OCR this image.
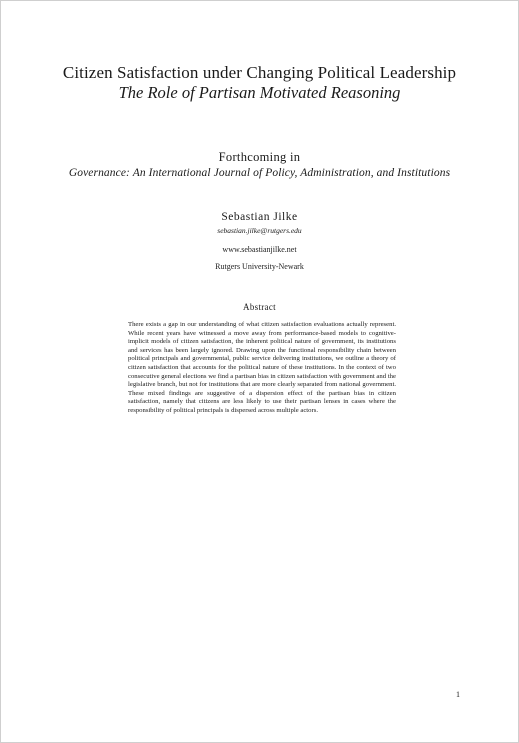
Citizen Satisfaction under Changing Political Leadership
The Role of Partisan Motivated Reasoning
Forthcoming in
Governance: An International Journal of Policy, Administration, and Institutions
Sebastian Jilke
sebastian.jilke@rutgers.edu
www.sebastianjilke.net
Rutgers University-Newark
Abstract
There exists a gap in our understanding of what citizen satisfaction evaluations actually represent. While recent years have witnessed a move away from performance-based models to cognitive-implicit models of citizen satisfaction, the inherent political nature of government, its institutions and services has been largely ignored. Drawing upon the functional responsibility chain between political principals and governmental, public service delivering institutions, we outline a theory of citizen satisfaction that accounts for the political nature of these institutions. In the context of two consecutive general elections we find a partisan bias in citizen satisfaction with government and the legislative branch, but not for institutions that are more clearly separated from national government. These mixed findings are suggestive of a dispersion effect of the partisan bias in citizen satisfaction, namely that citizens are less likely to use their partisan lenses in cases where the responsibility of political principals is dispersed across multiple actors.
1
